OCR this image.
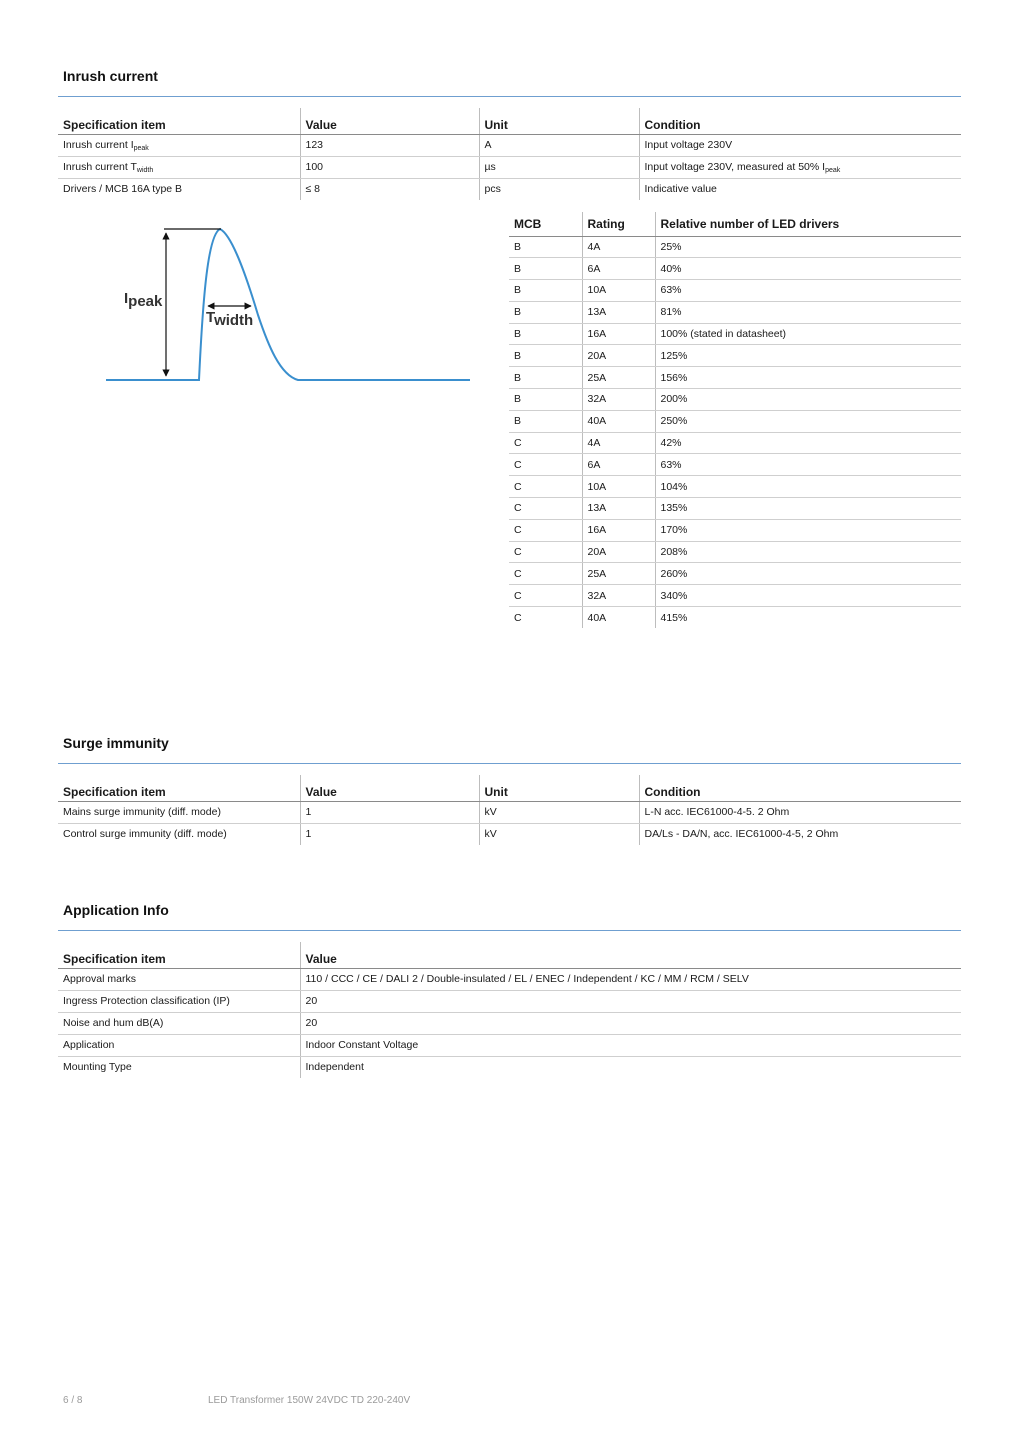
Inrush current
Specification item	Value	Unit	Condition
Inrush current $I_{peak}$	123	A	Input voltage 230V
Inrush current $T_{width}$	100	µs	Input voltage 230V, measured at 50% $I_{peak}$
Drivers / MCB 16A type B	≤ 8	pcs	Indicative value
Ipeak
Twidth
MCB	Rating	Relative number of LED drivers
B	4A	25%
B	6A	40%
B	10A	63%
B	13A	81%
B	16A	100% (stated in datasheet)
B	20A	125%
B	25A	156%
B	32A	200%
B	40A	250%
C	4A	42%
C	6A	63%
C	10A	104%
C	13A	135%
C	16A	170%
C	20A	208%
C	25A	260%
C	32A	340%
C	40A	415%
Surge immunity
Specification item	Value	Unit	Condition
Mains surge immunity (diff. mode)	1	kV	L-N acc. IEC61000-4-5. 2 Ohm
Control surge immunity (diff. mode)	1	kV	DA/Ls - DA/N, acc. IEC61000-4-5, 2 Ohm
Application Info
Specification item	Value
Approval marks	110 / CCC / CE / DALI 2 / Double-insulated / EL / ENEC / Independent / KC / MM / RCM / SELV
Ingress Protection classification (IP)	20
Noise and hum dB(A)	20
Application	Indoor Constant Voltage
Mounting Type	Independent
6 / 8	LED Transformer 150W 24VDC TD 220-240V
